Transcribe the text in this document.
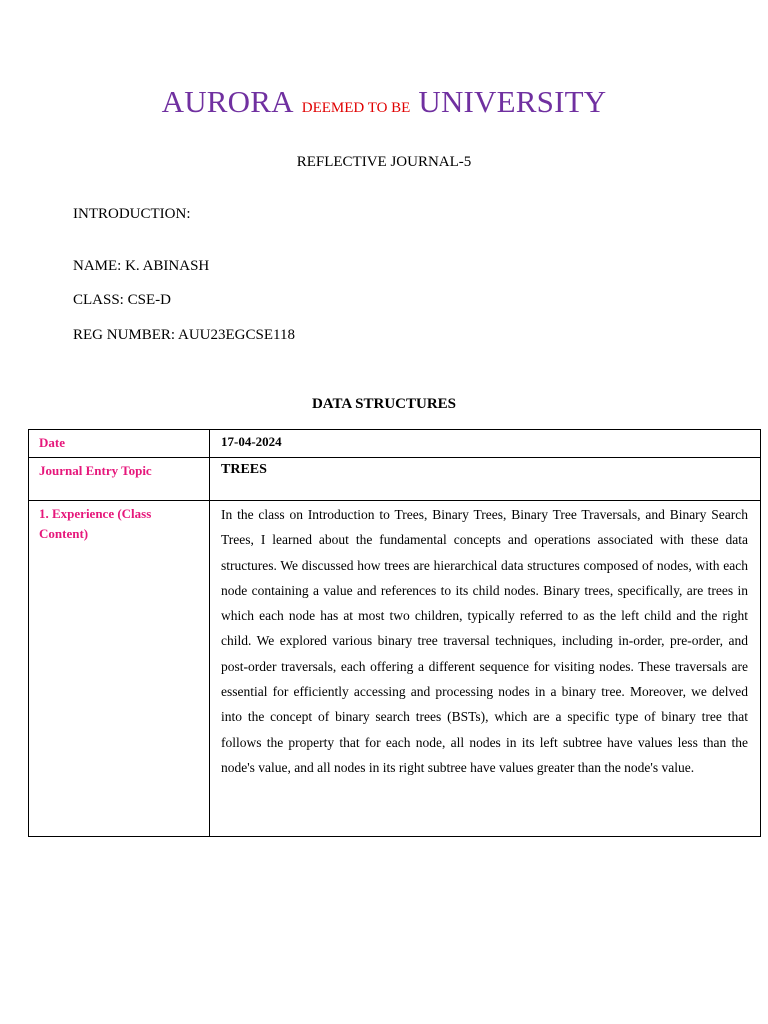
AURORA DEEMED TO BE UNIVERSITY
REFLECTIVE JOURNAL-5
INTRODUCTION:
NAME: K. ABINASH
CLASS: CSE-D
REG NUMBER: AUU23EGCSE118
DATA STRUCTURES
Date	17-04-2024

Journal Entry Topic	TREES

1. Experience (Class Content)	In the class on Introduction to Trees, Binary Trees, Binary Tree Traversals, and Binary Search Trees, I learned about the fundamental concepts and operations associated with these data structures. We discussed how trees are hierarchical data structures composed of nodes, with each node containing a value and references to its child nodes. Binary trees, specifically, are trees in which each node has at most two children, typically referred to as the left child and the right child. We explored various binary tree traversal techniques, including in-order, pre-order, and post-order traversals, each offering a different sequence for visiting nodes. These traversals are essential for efficiently accessing and processing nodes in a binary tree. Moreover, we delved into the concept of binary search trees (BSTs), which are a specific type of binary tree that follows the property that for each node, all nodes in its left subtree have values less than the node's value, and all nodes in its right subtree have values greater than the node's value.
